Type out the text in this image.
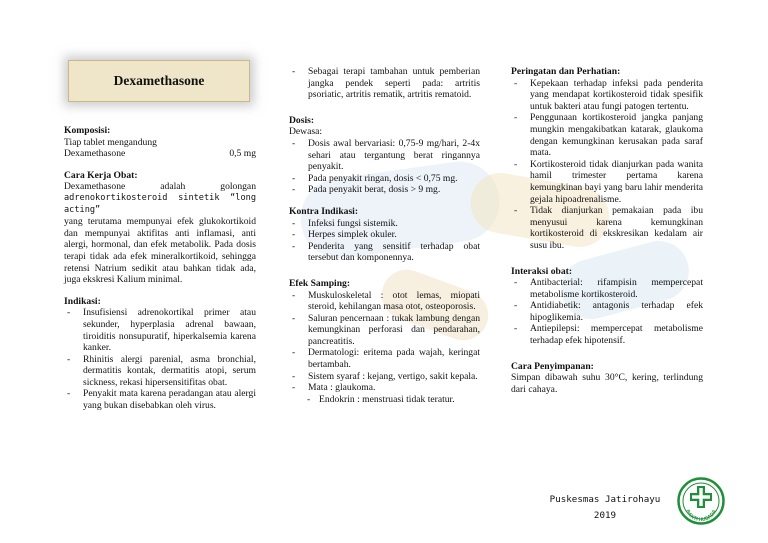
Dexamethasone

Komposisi:

Tiap tablet mengandung

Dexamethasone	0,5 mg

Cara Kerja Obat:

Dexamethasone adalah golongan

adrenokortikosteroid sintetik “long acting”

yang terutama mempunyai efek glukokortikoid dan mempunyai aktifitas anti inflamasi, anti alergi, hormonal, dan efek metabolik. Pada dosis terapi tidak ada efek mineralkortikoid, sehingga retensi Natrium sedikit atau bahkan tidak ada, juga ekskresi Kalium minimal.

Indikasi:

- Insufisiensi adrenokortikal primer atau sekunder, hyperplasia adrenal bawaan, tiroiditis nonsupuratif, hiperkalsemia karena kanker.
- Rhinitis alergi parenial, asma bronchial, dermatitis kontak, dermatitis atopi, serum sickness, rekasi hipersensitifitas obat.
- Penyakit mata karena peradangan atau alergi yang bukan disebabkan oleh virus.
- Sebagai terapi tambahan untuk pemberian jangka pendek seperti pada: artritis psoriatic, artritis rematik, artritis rematoid.

Dosis:

Dewasa:

- Dosis awal bervariasi: 0,75-9 mg/hari, 2-4x sehari atau tergantung berat ringannya penyakit.
- Pada penyakit ringan, dosis < 0,75 mg.
- Pada penyakit berat, dosis > 9 mg.

Kontra Indikasi:

- Infeksi fungsi sistemik.
- Herpes simplek okuler.
- Penderita yang sensitif terhadap obat tersebut dan komponennya.

Efek Samping:

- Muskuloskeletal : otot lemas, miopati steroid, kehilangan masa otot, osteoporosis.
- Saluran pencernaan : tukak lambung dengan kemungkinan perforasi dan pendarahan, pancreatitis.
- Dermatologi: eritema pada wajah, keringat bertambah.
- Sistem syaraf : kejang, vertigo, sakit kepala.
- Mata : glaukoma.
- Endokrin : menstruasi tidak teratur.

Peringatan dan Perhatian:

- Kepekaan terhadap infeksi pada penderita yang mendapat kortikosteroid tidak spesifik untuk bakteri atau fungi patogen tertentu.
- Penggunaan kortikosteroid jangka panjang mungkin mengakibatkan katarak, glaukoma dengan kemungkinan kerusakan pada saraf mata.
- Kortikosteroid tidak dianjurkan pada wanita hamil trimester pertama karena kemungkinan bayi yang baru lahir menderita gejala hipoadrenalisme.
- Tidak dianjurkan pemakaian pada ibu menyusui karena kemungkinan kortikosteroid di ekskresikan kedalam air susu ibu.

Interaksi obat:

- Antibacterial: rifampisin mempercepat metabolisme kortikosteroid.
- Antidiabetik: antagonis terhadap efek hipoglikemia.
- Antiepilepsi: mempercepat metabolisme terhadap efek hipotensif.

Cara Penyimpanan:

Simpan dibawah suhu 30°C, kering, terlindung dari cahaya.

Puskesmas Jatirohayu
2019	BAKTI HUSADA
